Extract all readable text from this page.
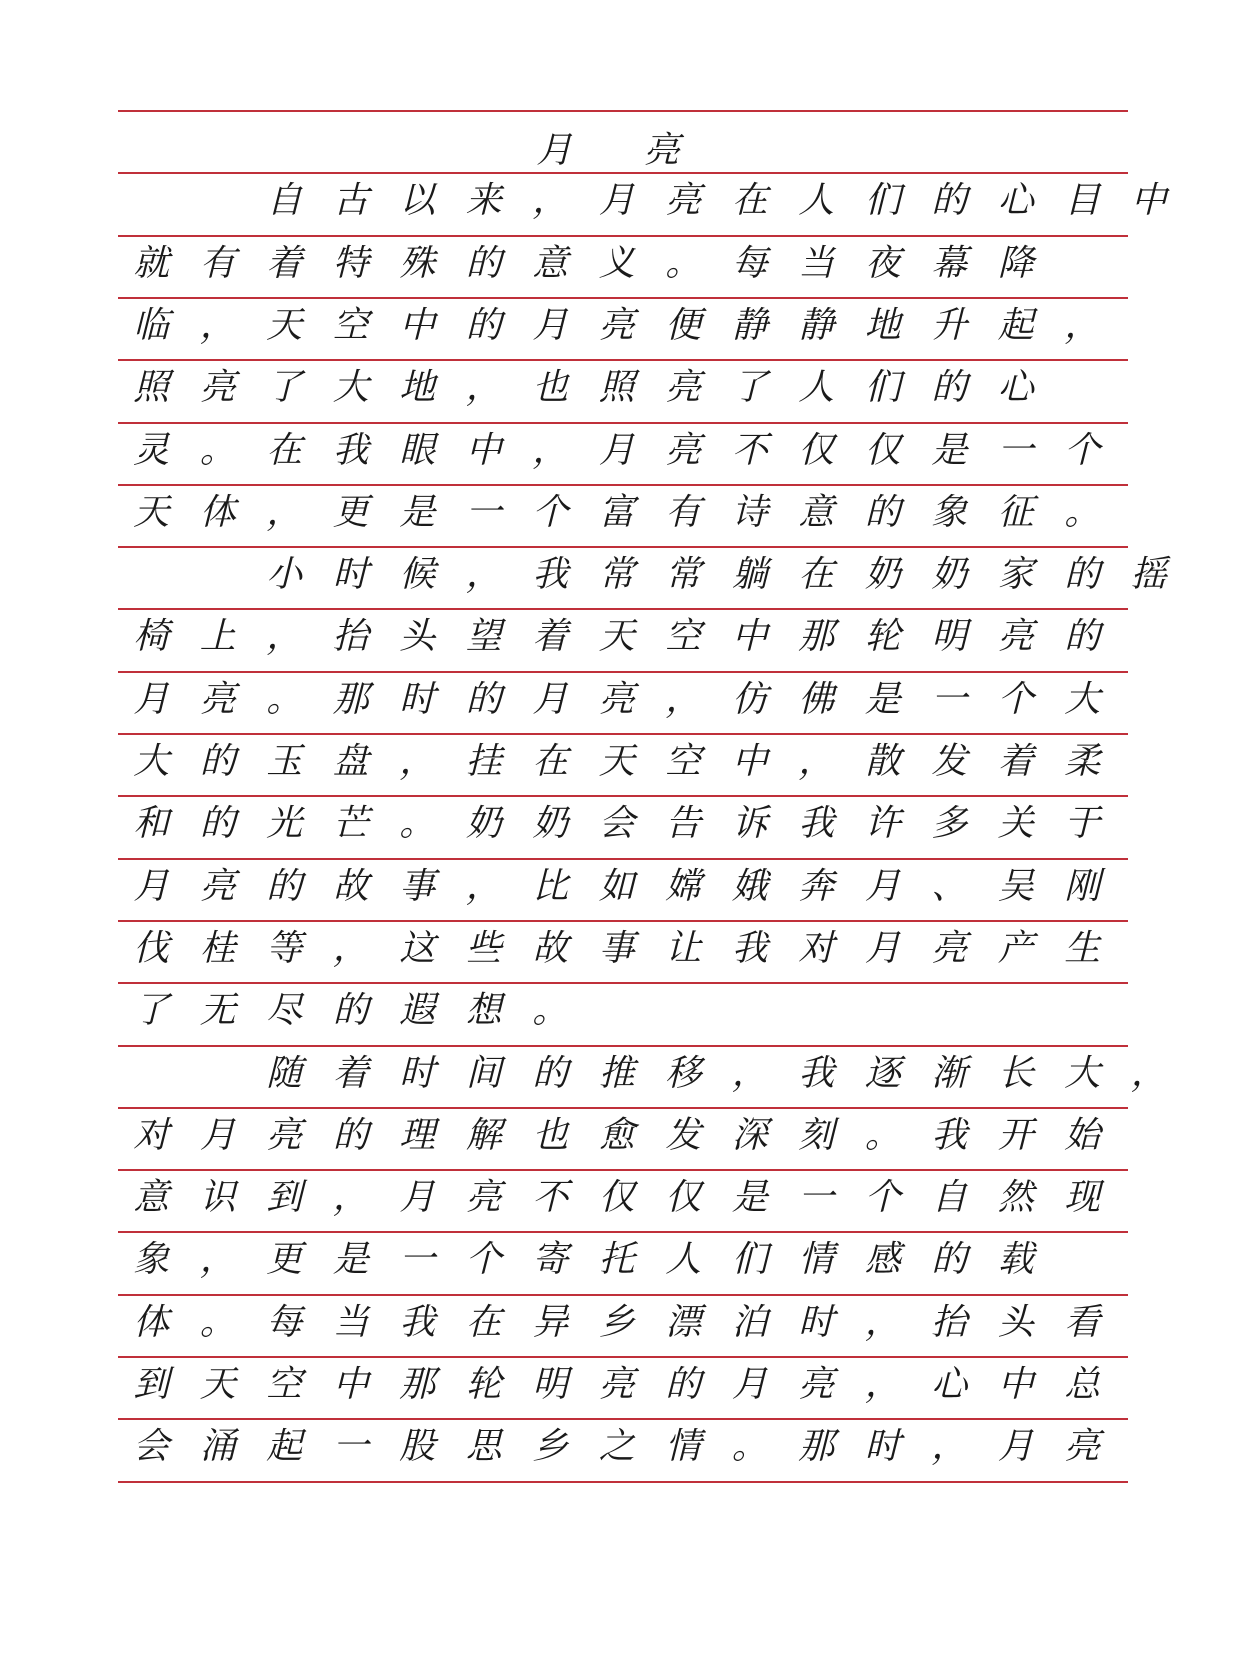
月 亮
自 古 以 来 ， 月 亮 在 人 们 的 心 目 中
就 有 着 特 殊 的 意 义 。 每 当 夜 幕 降
临 ， 天 空 中 的 月 亮 便 静 静 地 升 起 ，
照 亮 了 大 地 ， 也 照 亮 了 人 们 的 心
灵 。 在 我 眼 中 ， 月 亮 不 仅 仅 是 一 个
天 体 ， 更 是 一 个 富 有 诗 意 的 象 征 。
小 时 候 ， 我 常 常 躺 在 奶 奶 家 的 摇
椅 上 ， 抬 头 望 着 天 空 中 那 轮 明 亮 的
月 亮 。 那 时 的 月 亮 ， 仿 佛 是 一 个 大
大 的 玉 盘 ， 挂 在 天 空 中 ， 散 发 着 柔
和 的 光 芒 。 奶 奶 会 告 诉 我 许 多 关 于
月 亮 的 故 事 ， 比 如 嫦 娥 奔 月 、 吴 刚
伐 桂 等 ， 这 些 故 事 让 我 对 月 亮 产 生
了 无 尽 的 遐 想 。
随 着 时 间 的 推 移 ， 我 逐 渐 长 大 ，
对 月 亮 的 理 解 也 愈 发 深 刻 。 我 开 始
意 识 到 ， 月 亮 不 仅 仅 是 一 个 自 然 现
象 ， 更 是 一 个 寄 托 人 们 情 感 的 载
体 。 每 当 我 在 异 乡 漂 泊 时 ， 抬 头 看
到 天 空 中 那 轮 明 亮 的 月 亮 ， 心 中 总
会 涌 起 一 股 思 乡 之 情 。 那 时 ， 月 亮
